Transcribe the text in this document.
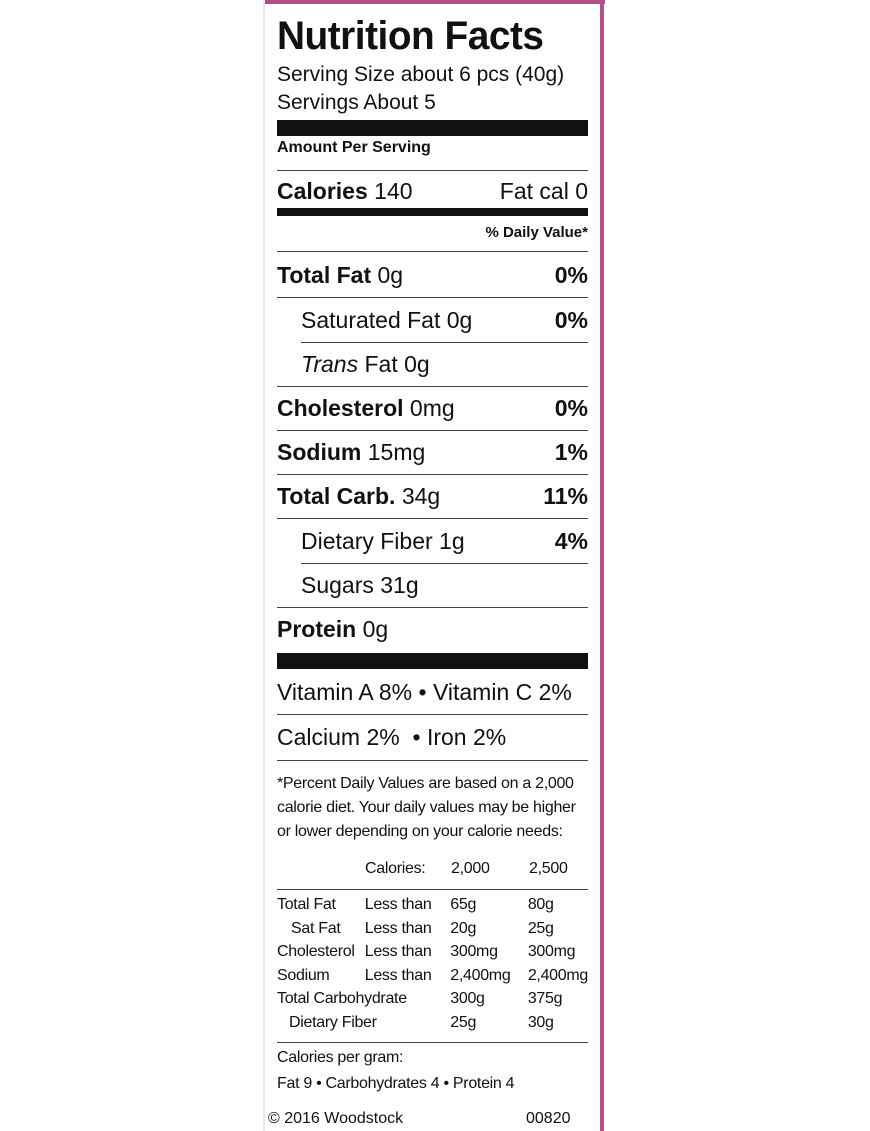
Nutrition Facts
Serving Size about 6 pcs (40g)
Servings About 5
Amount Per Serving
Calories 140	Fat cal 0
% Daily Value*
Total Fat 0g	0%
Saturated Fat 0g	0%
Trans Fat 0g
Cholesterol 0mg	0%
Sodium 15mg	1%
Total Carb. 34g	11%
Dietary Fiber 1g	4%
Sugars 31g
Protein 0g
Vitamin A 8% • Vitamin C 2%
Calcium 2% • Iron 2%
*Percent Daily Values are based on a 2,000 calorie diet. Your daily values may be higher or lower depending on your calorie needs:
	Calories:	2,000	2,500
Total Fat	Less than	65g	80g
Sat Fat	Less than	20g	25g
Cholesterol	Less than	300mg	300mg
Sodium	Less than	2,400mg	2,400mg
Total Carbohydrate		300g	375g
Dietary Fiber		25g	30g
Calories per gram:
Fat 9 • Carbohydrates 4 • Protein 4
© 2016 Woodstock	00820
